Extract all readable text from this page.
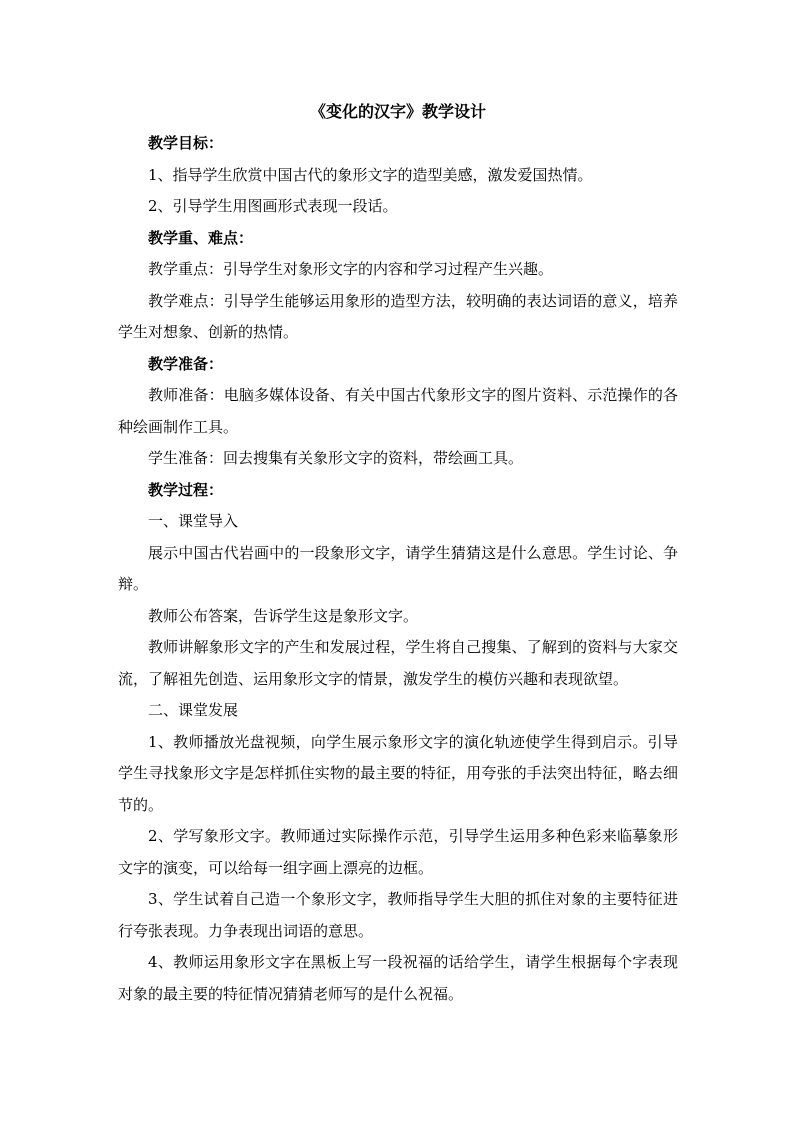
《变化的汉字》教学设计

教学目标：

1、指导学生欣赏中国古代的象形文字的造型美感，激发爱国热情。

2、引导学生用图画形式表现一段话。

教学重、难点：

教学重点：引导学生对象形文字的内容和学习过程产生兴趣。

教学难点：引导学生能够运用象形的造型方法，较明确的表达词语的意义，培养学生对想象、创新的热情。

教学准备：

教师准备：电脑多媒体设备、有关中国古代象形文字的图片资料、示范操作的各种绘画制作工具。

学生准备：回去搜集有关象形文字的资料，带绘画工具。

教学过程：

一、课堂导入

展示中国古代岩画中的一段象形文字，请学生猜猜这是什么意思。学生讨论、争辩。

教师公布答案，告诉学生这是象形文字。

教师讲解象形文字的产生和发展过程，学生将自己搜集、了解到的资料与大家交流，了解祖先创造、运用象形文字的情景，激发学生的模仿兴趣和表现欲望。

二、课堂发展

1、教师播放光盘视频，向学生展示象形文字的演化轨迹使学生得到启示。引导学生寻找象形文字是怎样抓住实物的最主要的特征，用夸张的手法突出特征，略去细节的。

2、学写象形文字。教师通过实际操作示范，引导学生运用多种色彩来临摹象形文字的演变，可以给每一组字画上漂亮的边框。

3、学生试着自己造一个象形文字，教师指导学生大胆的抓住对象的主要特征进行夸张表现。力争表现出词语的意思。

4、教师运用象形文字在黑板上写一段祝福的话给学生，请学生根据每个字表现对象的最主要的特征情况猜猜老师写的是什么祝福。
